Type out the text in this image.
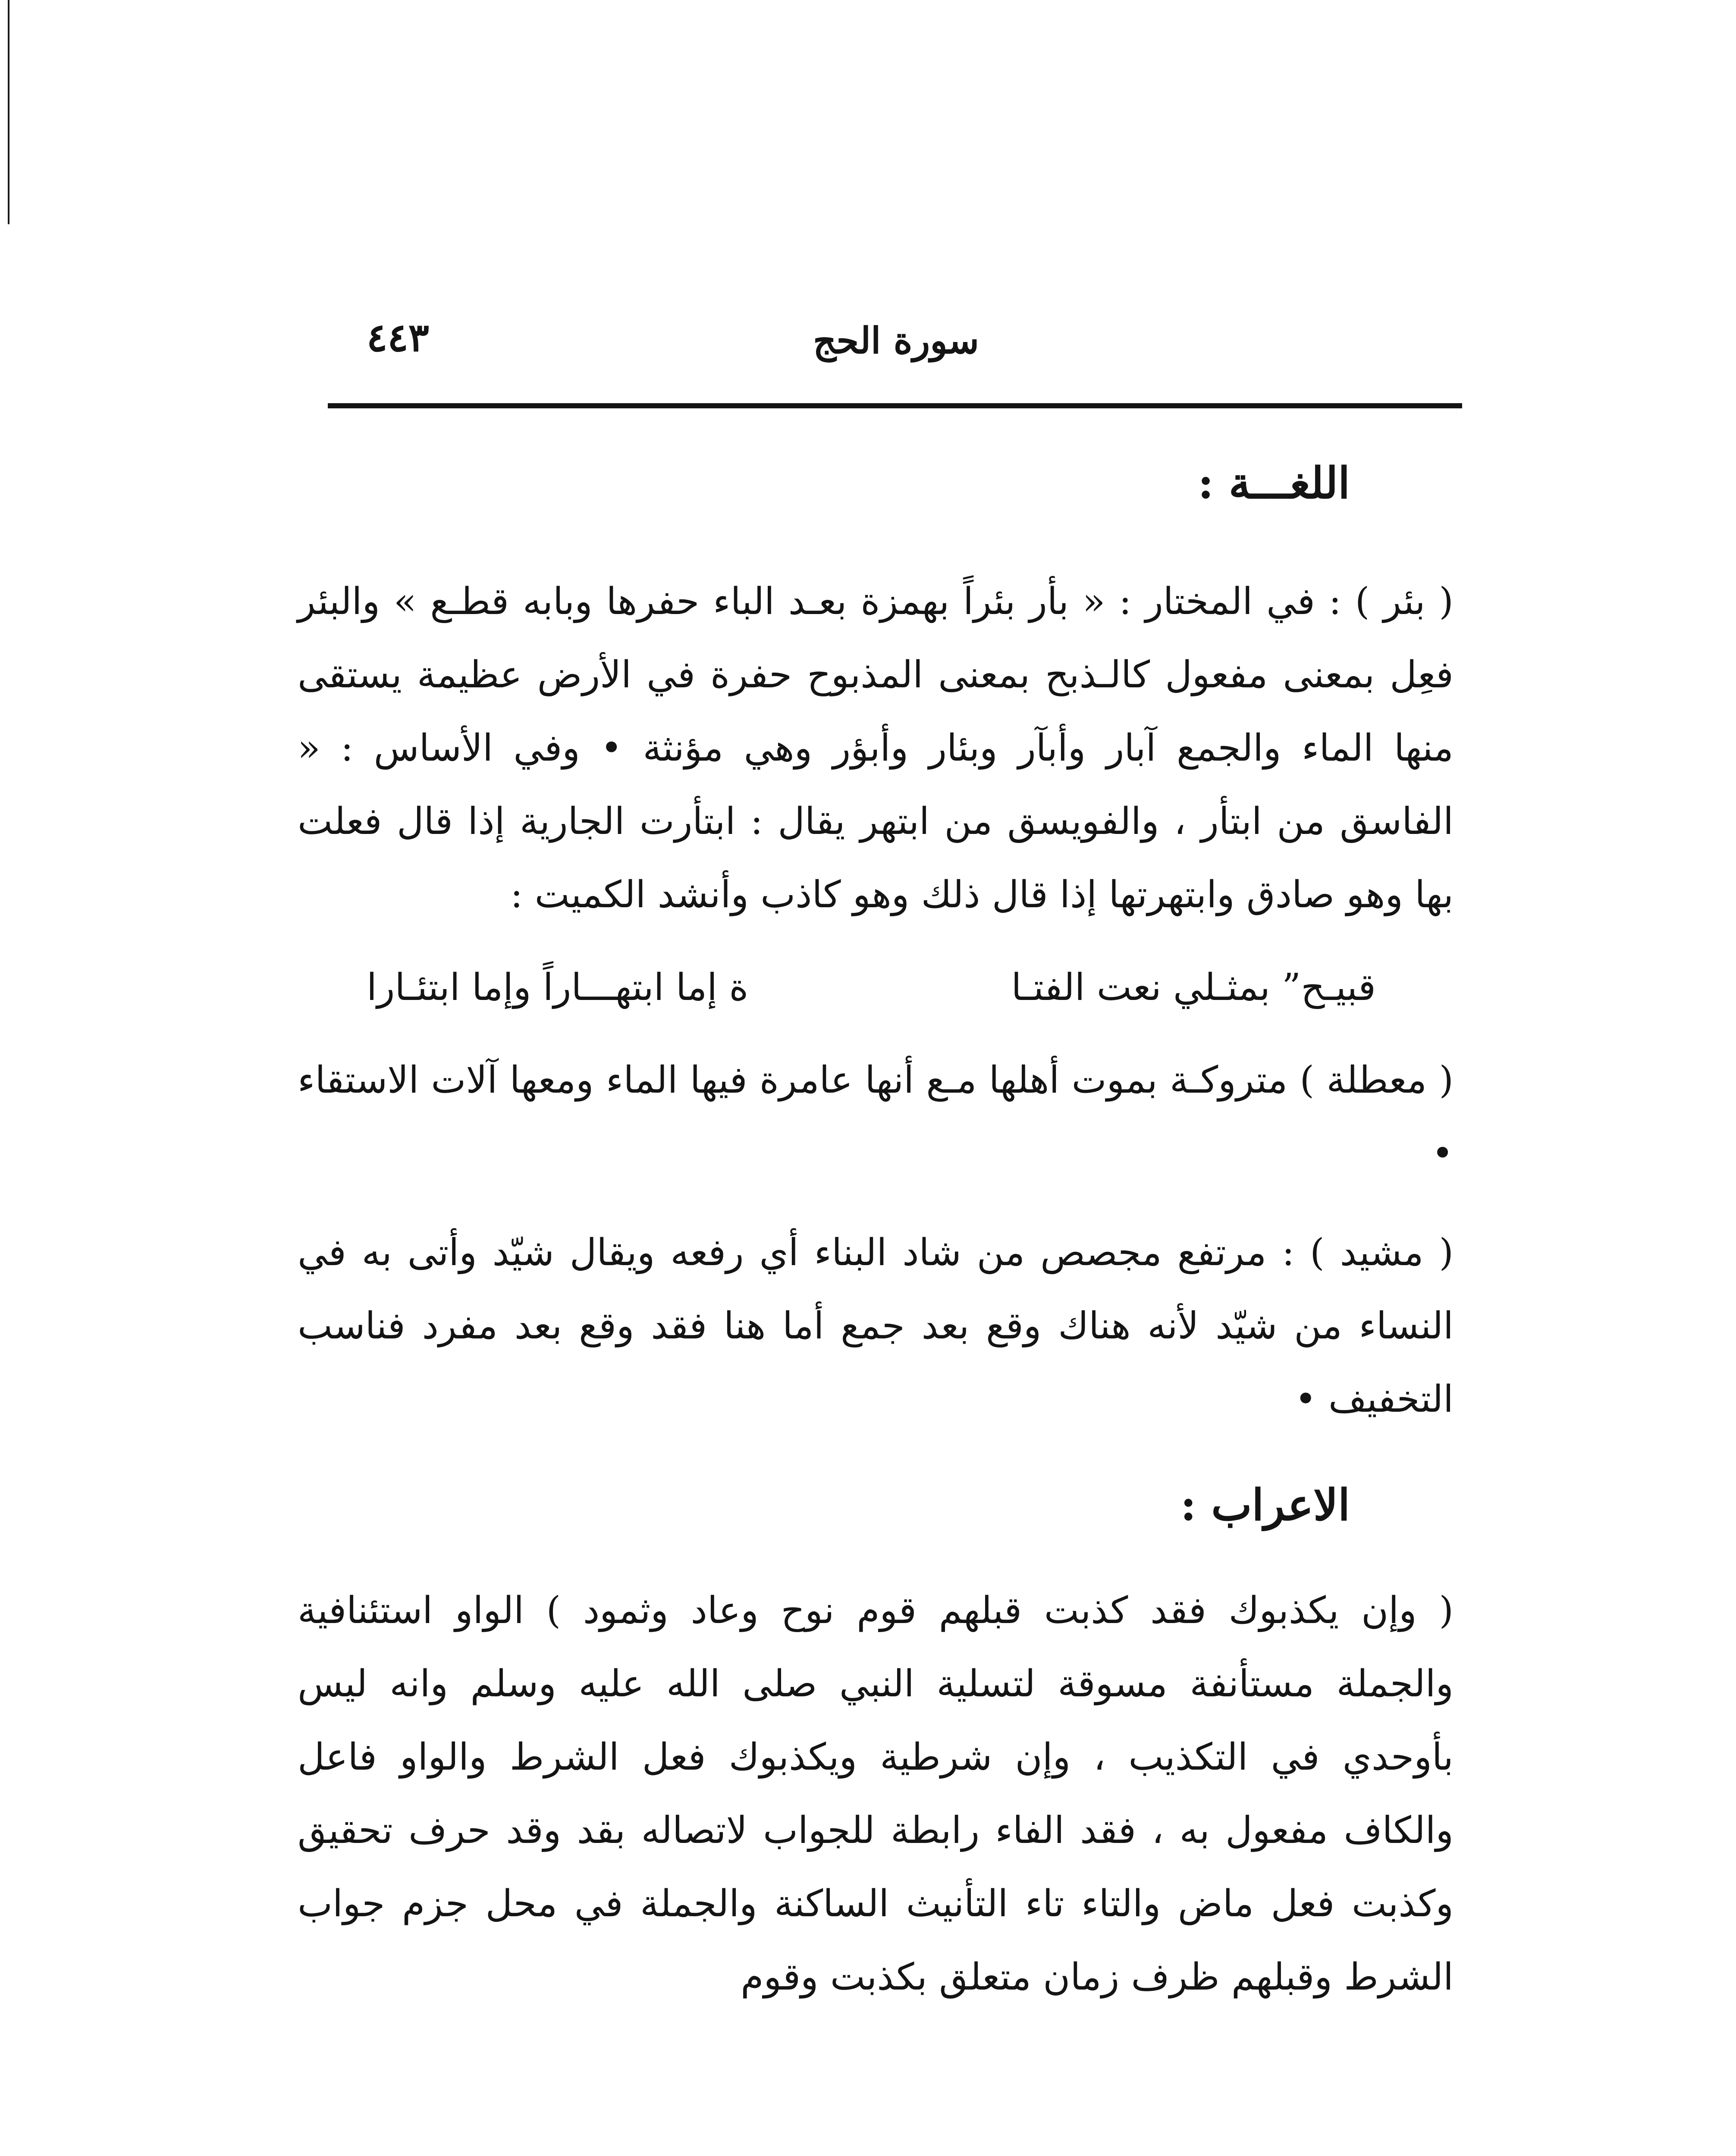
سورة الحج
٤٤٣

اللغـــة :

( بئر ) : في المختار : « بأر بئراً بهمزة بعـد الباء حفرها وبابه قطـع » والبئر فعِل بمعنى مفعول كالـذبح بمعنى المذبوح حفرة في الأرض عظيمة يستقى منها الماء والجمع آبار وأبآر وبئار وأبؤر وهي مؤنثة • وفي الأساس : « الفاسق من ابتأر ، والفويسق من ابتهر يقال : ابتأرت الجارية إذا قال فعلت بها وهو صادق وابتهرتها إذا قال ذلك وهو كاذب وأنشد الكميت :

قبيـح” بمثـلي نعت الفتـا
ة إما ابتهـــاراً وإما ابتئـارا

( معطلة ) متروكـة بموت أهلها مـع أنها عامرة فيها الماء ومعها آلات الاستقاء •

( مشيد ) : مرتفع مجصص من شاد البناء أي رفعه ويقال شيّد وأتى به في النساء من شيّد لأنه هناك وقع بعد جمع أما هنا فقد وقع بعد مفرد فناسب التخفيف •

الاعراب :

( وإن يكذبوك فقد كذبت قبلهم قوم نوح وعاد وثمود ) الواو استئنافية والجملة مستأنفة مسوقة لتسلية النبي صلى الله عليه وسلم وانه ليس بأوحدي في التكذيب ، وإن شرطية ويكذبوك فعل الشرط والواو فاعل والكاف مفعول به ، فقد الفاء رابطة للجواب لاتصاله بقد وقد حرف تحقيق وكذبت فعل ماض والتاء تاء التأنيث الساكنة والجملة في محل جزم جواب الشرط وقبلهم ظرف زمان متعلق بكذبت وقوم
